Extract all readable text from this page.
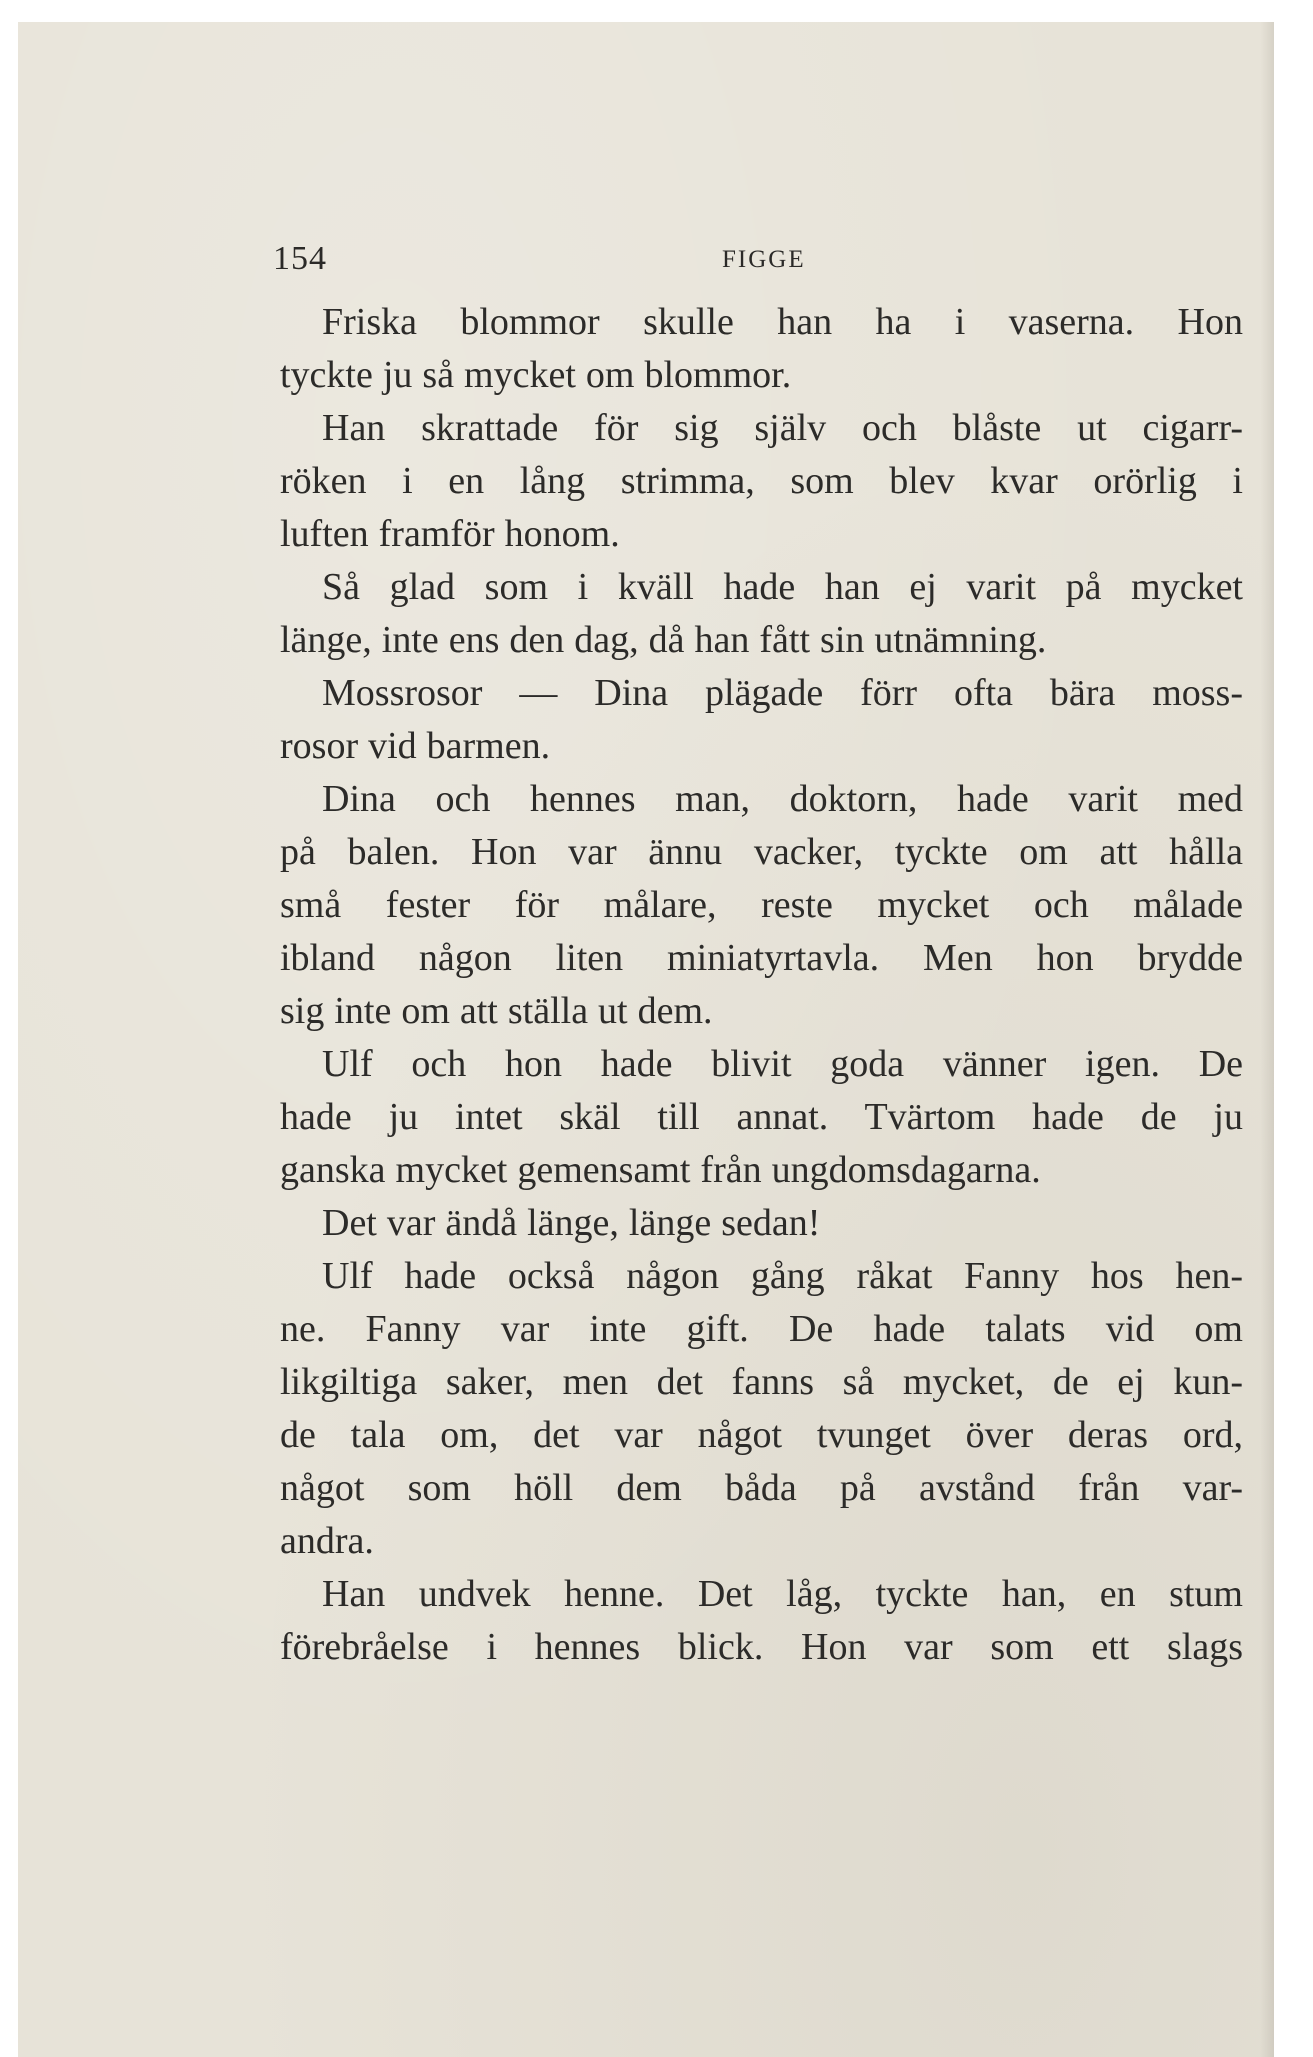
154	FIGGE
Friska blommor skulle han ha i vaserna. Hon
tyckte ju så mycket om blommor.
Han skrattade för sig själv och blåste ut cigarr-
röken i en lång strimma, som blev kvar orörlig i
luften framför honom.
Så glad som i kväll hade han ej varit på mycket
länge, inte ens den dag, då han fått sin utnämning.
Mossrosor — Dina plägade förr ofta bära moss-
rosor vid barmen.
Dina och hennes man, doktorn, hade varit med
på balen. Hon var ännu vacker, tyckte om att hålla
små fester för målare, reste mycket och målade
ibland någon liten miniatyrtavla. Men hon brydde
sig inte om att ställa ut dem.
Ulf och hon hade blivit goda vänner igen. De
hade ju intet skäl till annat. Tvärtom hade de ju
ganska mycket gemensamt från ungdomsdagarna.
Det var ändå länge, länge sedan!
Ulf hade också någon gång råkat Fanny hos hen-
ne. Fanny var inte gift. De hade talats vid om
likgiltiga saker, men det fanns så mycket, de ej kun-
de tala om, det var något tvunget över deras ord,
något som höll dem båda på avstånd från var-
andra.
Han undvek henne. Det låg, tyckte han, en stum
förebråelse i hennes blick. Hon var som ett slags
